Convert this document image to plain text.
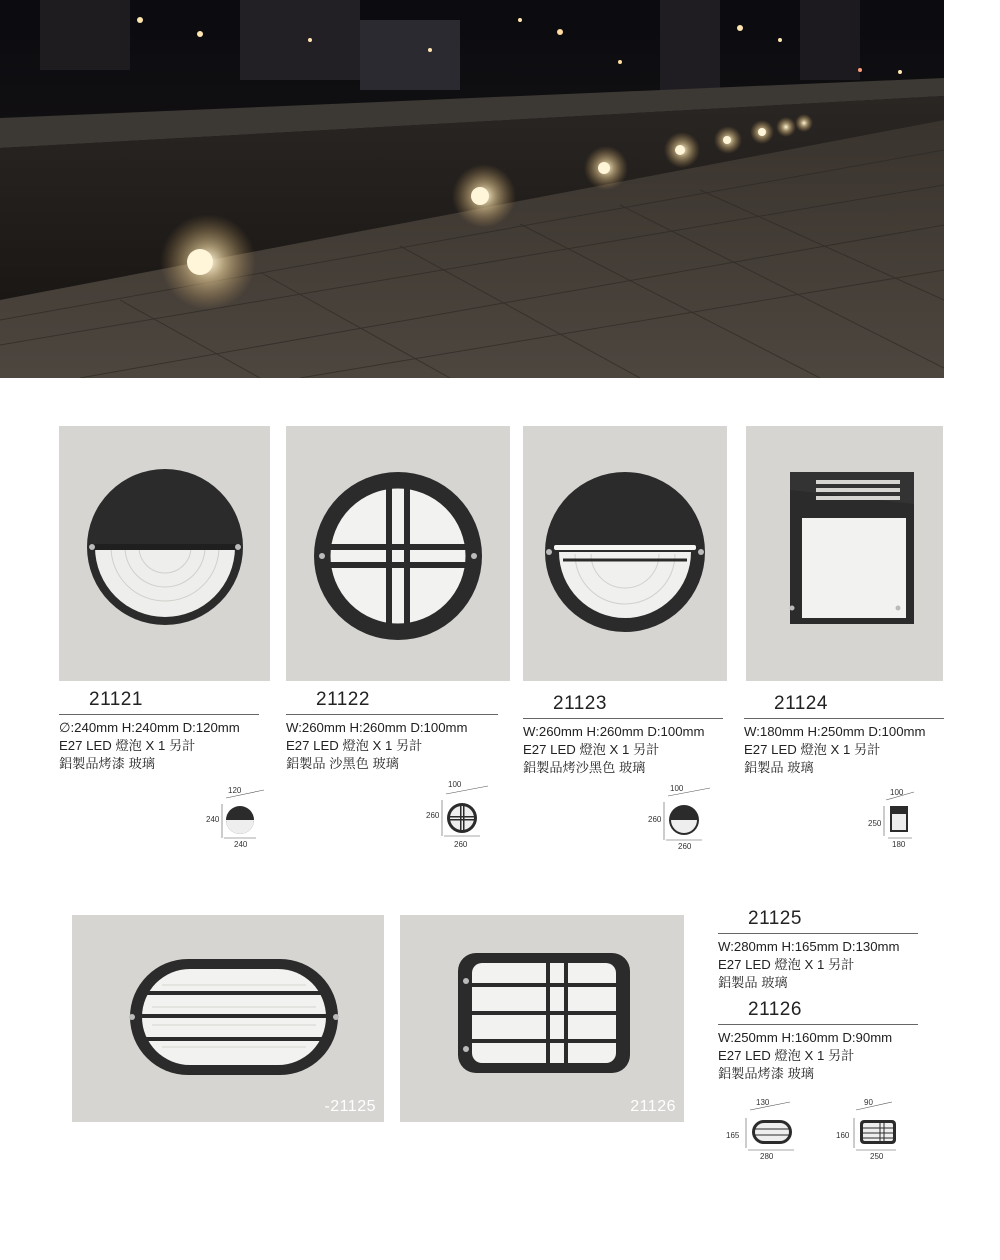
21121
∅:240mm H:240mm D:120mm
E27 LED 燈泡 X 1 另計
鋁製品烤漆 玻璃
21122
W:260mm H:260mm D:100mm
E27 LED 燈泡 X 1 另計
鋁製品 沙黑色 玻璃
21123
W:260mm H:260mm D:100mm
E27 LED 燈泡 X 1 另計
鋁製品烤沙黑色 玻璃
21124
W:180mm H:250mm D:100mm
E27 LED 燈泡 X 1 另計
鋁製品 玻璃
120
240
240
100
260
260
100
260
260
100
250
180
-21125	21126
21125
W:280mm H:165mm D:130mm
E27 LED 燈泡 X 1 另計
鋁製品 玻璃
21126
W:250mm H:160mm D:90mm
E27 LED 燈泡 X 1 另計
鋁製品烤漆 玻璃
130
165
280
90
160
250
